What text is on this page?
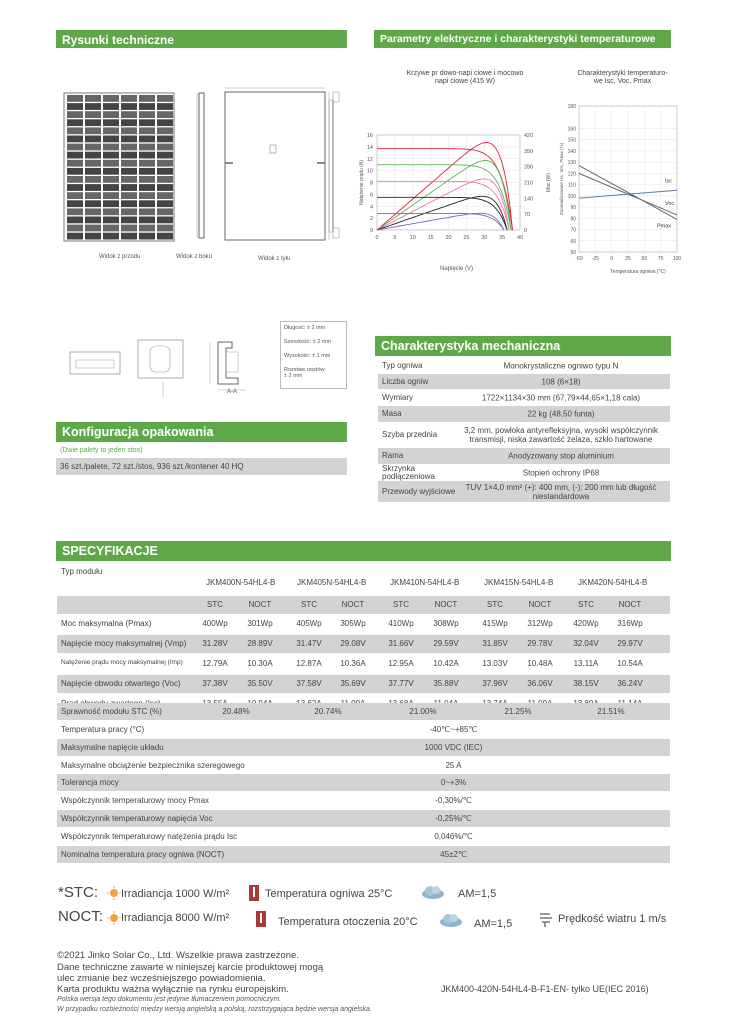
Rysunki techniczne	Parametry elektryczne i charakterystyki temperaturowe
Widok z przodu	Widok z boku	Widok z tyłu
Krzywe pr dowo-napi ciowe i mocowo
napi ciowe (415 W)
0	5 10 15 20 25 30 35 40
0
2
4
6
8
10
12
14
16
0
70
140
210
280
350
420
Natężenie prądu (A)	Moc (W)
Napięcie (V)
Charakterystyki temperaturo-
we Isc, Voc, Pmax
-50 -25 0 25 50 75 100
50
60
70
80
90
100
110
120
130
140
150
160
180
Isc
Voc
Pmax
Temperatura ogniwa (°C)
Znormalizowane Isc, Voc, Pmax (%)
A-A
Długość: ± 2 mm
Szerokość: ± 2 mm
Wysokość: ± 1 mm
Rozstaw rzędów: ± 2 mm
Charakterystyka mechaniczna
Typ ogniwa	Monokrystaliczne ogniwo typu N
Liczba ogniw	108 (6×18)
Wymiary	1722×1134×30 mm (67,79×44,65×1,18 cala)
Masa	22 kg (48,50 funta)
Szyba przednia	3,2 mm, powłoka antyrefleksyjna, wysoki współczynnik transmisji, niska zawartość żelaza, szkło hartowane
Rama	Anodyzowany stop aluminium
Skrzynka podłączeniowa	Stopień ochrony IP68
Przewody wyjściowe	TUV 1×4,0 mm² (+): 400 mm, (-): 200 mm lub długość niestandardowa
Konfiguracja opakowania
(Dwie palety to jeden stos)
36 szt./palete, 72 szt./stos, 936 szt./kontener 40 HQ
SPECYFIKACJE
Typ modułu
JKM400N-54HL4-B	JKM405N-54HL4-B	JKM410N-54HL4-B	JKM415N-54HL4-B	JKM420N-54HL4-B
STC	NOCT	STC	NOCT	STC	NOCT	STC	NOCT	STC	NOCT
Moc maksymalna (Pmax)	400Wp	301Wp	405Wp	305Wp	410Wp	308Wp	415Wp	312Wp	420Wp	316Wp
Napięcie mocy maksymalnej (Vmp)	31.28V	28.89V	31.47V	29.08V	31.66V	29.59V	31.85V	29.78V	32.04V	29.97V
Natężenie prądu mocy maksymalnej (Imp)	12.79A	10.30A	12.87A	10.36A	12.95A	10.42A	13.03V	10.48A	13.11A	10.54A
Napięcie obwodu otwartego (Voc)	37.38V	35.50V	37.58V	35.69V	37.77V	35.88V	37.96V	36.06V	38.15V	36.24V
Sprawność modułu STC (%)	20.48%	20.74%	21.00%	21.25%	21.51%
Temperatura pracy (°C)	-40℃~+85℃
Maksymalne napięcie układu	1000 VDC (IEC)
Maksymalne obciążenie bezpiecznika szeregowego	25 A
Tolerancja mocy	0~+3%
Współczynnik temperaturowy mocy Pmax	-0,30%/℃
Współczynnik temperaturowy napięcia Voc	-0,25%/℃
Współczynnik temperaturowy natężenia prądu Isc	0,046%/℃
Nominalna temperatura pracy ogniwa (NOCT)	45±2℃
*STC:
NOCT:
Irradiancja 1000 W/m²	Temperatura ogniwa 25°C	AM=1,5
Irradiancja 8000 W/m²	Temperatura otoczenia 20°C	AM=1,5	Prędkość wiatru 1 m/s
©2021 Jinko Solar Co., Ltd. Wszelkie prawa zastrzeżone.
Dane techniczne zawarte w niniejszej karcie produktowej mogą
ulec zmianie bez wcześniejszego powiadomienia.
Karta produktu ważna wyłącznie na rynku europejskim.
Polska wersja tego dokumentu jest jedynie tłumaczeniem pomocniczym.
W przypadku rozbieżności między wersją angielską a polską, rozstrzygająca będzie wersja angielska.
JKM400-420N-54HL4-B-F1-EN- tylko UE(IEC 2016)
